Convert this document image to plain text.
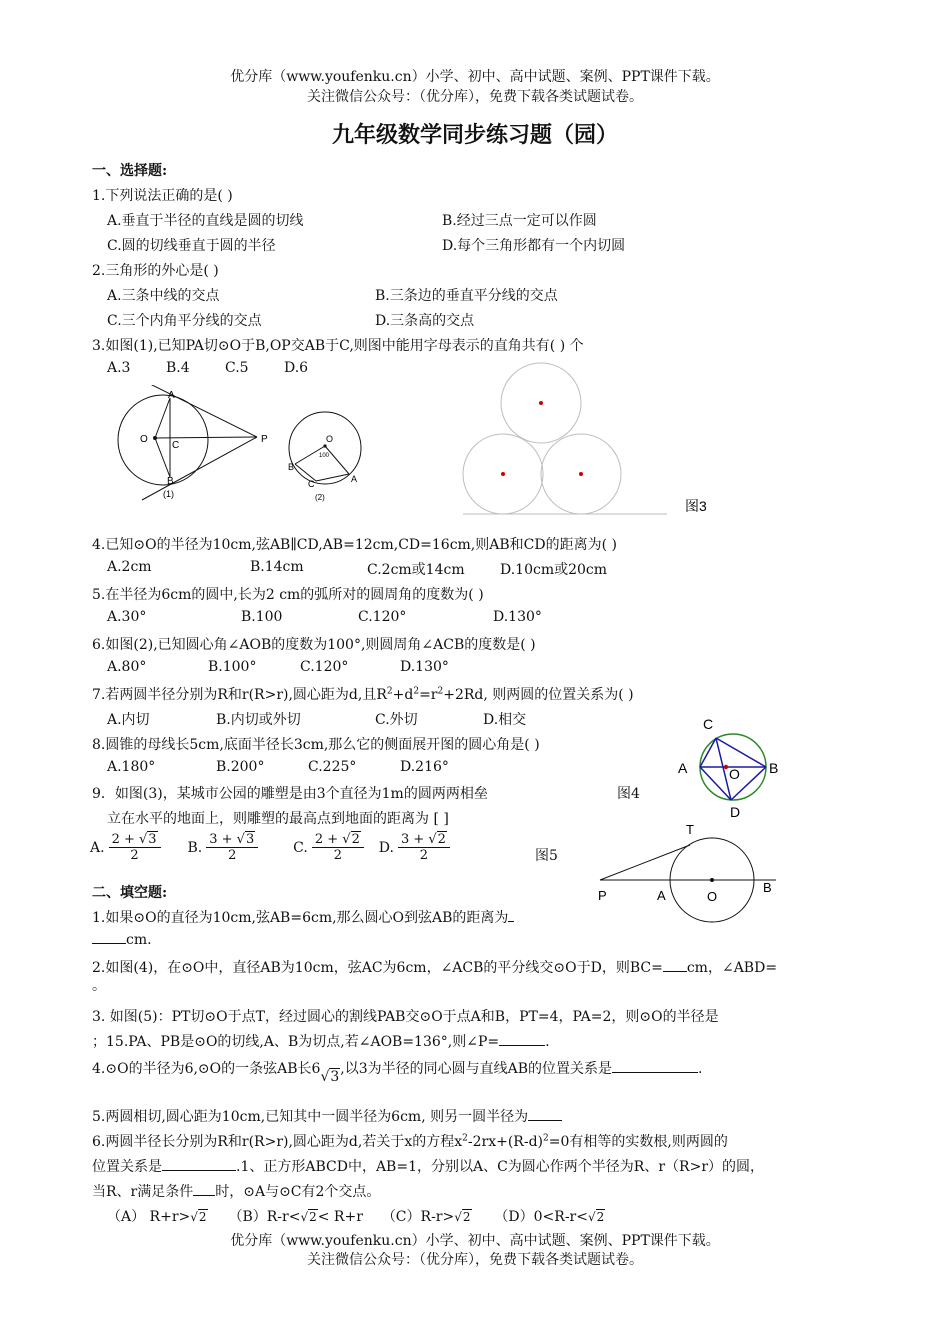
优分库（www.youfenku.cn）小学、初中、高中试题、案例、PPT课件下载。
关注微信公众号：（优分库），免费下载各类试题试卷。
九年级数学同步练习题（园）
一、选择题:
1.下列说法正确的是( )
A.垂直于半径的直线是圆的切线	B.经过三点一定可以作圆
C.圆的切线垂直于圆的半径	D.每个三角形都有一个内切圆
2.三角形的外心是( )
A.三条中线的交点	B.三条边的垂直平分线的交点
C.三个内角平分线的交点	D.三条高的交点
3.如图(1),已知PA切⊙O于B,OP交AB于C,则图中能用字母表示的直角共有( ) 个
A.3	B.4	C.5	D.6
A
O
C
P
B
(1)
O
100
B
C	A
(2)
图3
4.已知⊙O的半径为10cm,弦AB∥CD,AB=12cm,CD=16cm,则AB和CD的距离为( )
A.2cm	B.14cm	C.2cm或14cm	D.10cm或20cm
5.在半径为6cm的圆中,长为2 cm的弧所对的圆周角的度数为( )
A.30°	B.100	C.120°	D.130°
6.如图(2),已知圆心角∠AOB的度数为100°,则圆周角∠ACB的度数是( )
A.80°	B.100°	C.120°	D.130°
7.若两圆半径分别为R和r(R>r),圆心距为d,且$R^2+d^2=r^2+2Rd$, 则两圆的位置关系为( )
A.内切	B.内切或外切	C.外切	D.相交	C
A	O B
D
8.圆锥的母线长5cm,底面半径长3cm,那么它的侧面展开图的圆心角是( )
A.180°	B.200°	C.225°	D.216°
9．如图(3)，某城市公园的雕塑是由3个直径为1m的圆两两相垒	图4
立在水平的地面上，则雕塑的最高点到地面的距离为 [ ]
A. $\frac{2 + √3}{2} B$. $\frac{3 + √3}{2} C$. $\frac{2 + √2}{2} D$. $\frac{3 + √2}{2}$	图5
T
P	A	O
B
二、填空题:
1.如果⊙O的直径为10cm,弦AB=6cm,那么圆心O到弦AB的距离为
cm.
2.如图(4)，在⊙O中，直径AB为10cm，弦AC为6cm，∠ACB的平分线交⊙O于D，则BC= cm，∠ABD=
。
3. 如图(5)：PT切⊙O于点T，经过圆心的割线PAB交⊙O于点A和B，PT=4，PA=2，则⊙O的半径是
；15.PA、PB是⊙O的切线,A、B为切点,若∠AOB=136°,则∠P=	.
4.⊙O的半径为6,⊙O的一条弦AB长6√3,以3为半径的同心圆与直线AB的位置关系是	.
5.两圆相切,圆心距为10cm,已知其中一圆半径为6cm, 则另一圆半径为
6.两圆半径长分别为R和r(R>r),圆心距为d,若关于x的方程$x^2-2rx+(R-d)^2=0$有相等的实数根,则两圆的
位置关系是	.1、正方形ABCD中，AB=1，分别以A、C为圆心作两个半径为R、r（R>r）的圆，
当R、r满足条件 时，⊙A与⊙C有2个交点。
（A） R+r>√2 （B）R-r<√2< R+r （C）R-r>√2 （D）0<R-r<√2
优分库（www.youfenku.cn）小学、初中、高中试题、案例、PPT课件下载。
关注微信公众号：（优分库），免费下载各类试题试卷。
